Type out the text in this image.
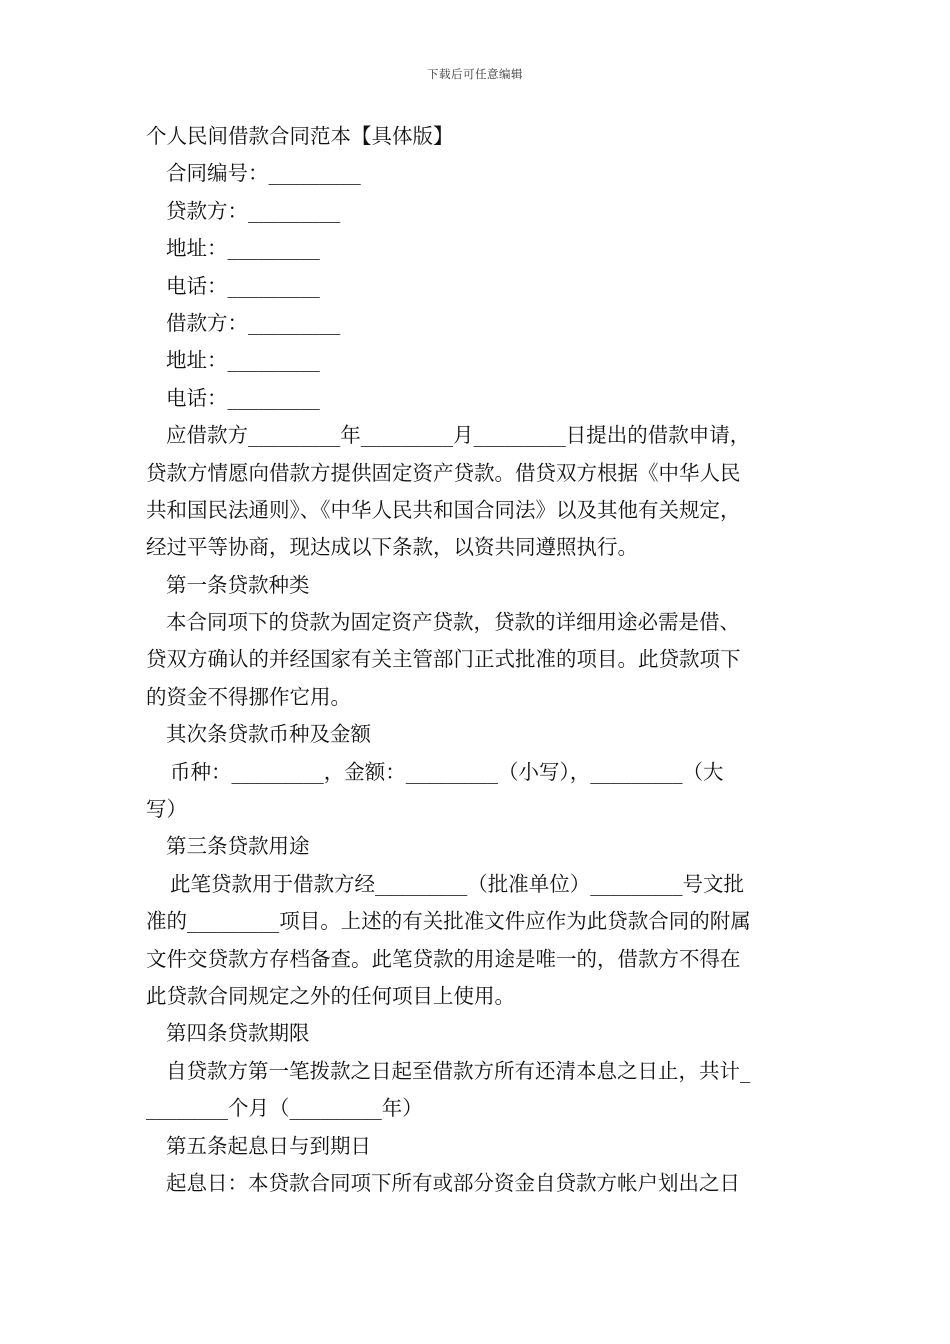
下载后可任意编辑
个人民间借款合同范本【具体版】
合同编号：_________
贷款方：_________
地址：_________
电话：_________
借款方：_________
地址：_________
电话：_________
应借款方_________年_________月_________日提出的借款申请，
贷款方情愿向借款方提供固定资产贷款。借贷双方根据《中华人民
共和国民法通则》、《中华人民共和国合同法》以及其他有关规定，
经过平等协商，现达成以下条款，以资共同遵照执行。
第一条贷款种类
本合同项下的贷款为固定资产贷款，贷款的详细用途必需是借、
贷双方确认的并经国家有关主管部门正式批准的项目。此贷款项下
的资金不得挪作它用。
其次条贷款币种及金额
币种：_________，金额：_________（小写），_________（大
写）
第三条贷款用途
此笔贷款用于借款方经_________（批准单位）_________号文批
准的_________项目。上述的有关批准文件应作为此贷款合同的附属
文件交贷款方存档备查。此笔贷款的用途是唯一的，借款方不得在
此贷款合同规定之外的任何项目上使用。
第四条贷款期限
自贷款方第一笔拨款之日起至借款方所有还清本息之日止，共计_
________个月（_________年）
第五条起息日与到期日
起息日：本贷款合同项下所有或部分资金自贷款方帐户划出之日
